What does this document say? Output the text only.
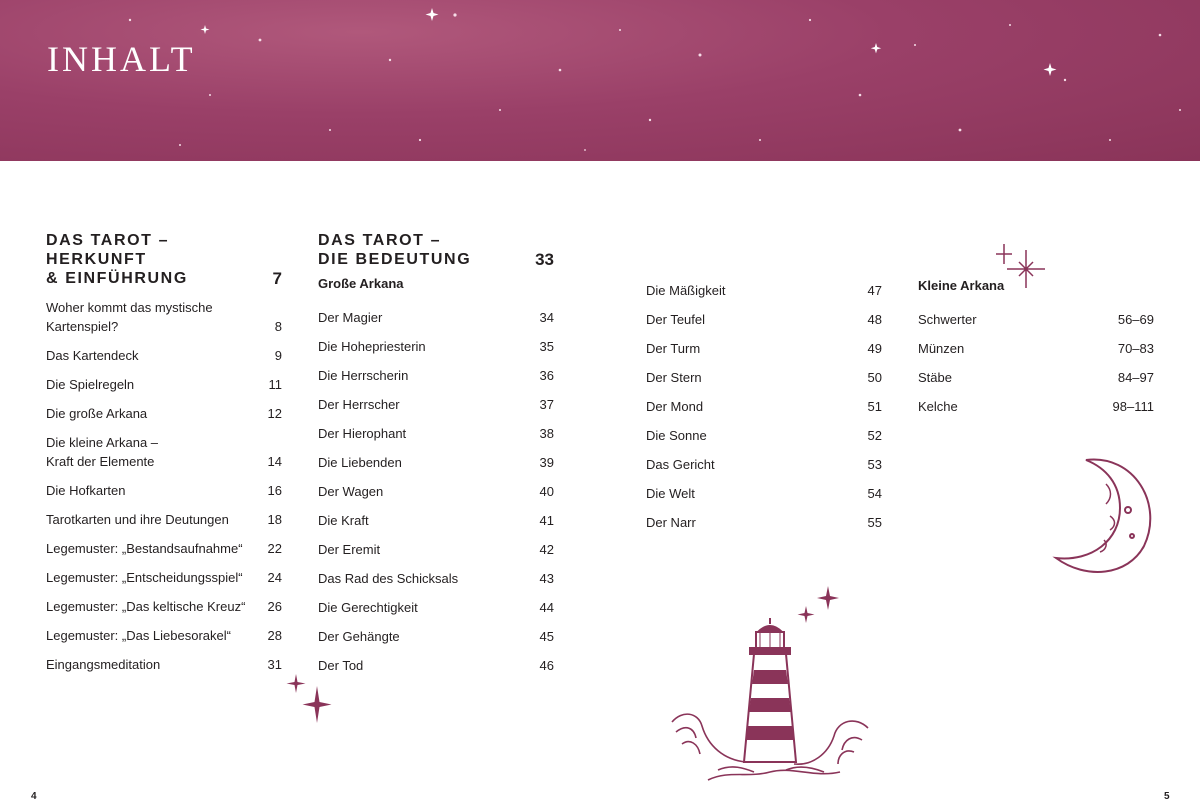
INHALT
DAS TAROT – HERKUNFT
& EINFÜHRUNG	7
Woher kommt das mystische Kartenspiel?	8
Das Kartendeck	9
Die Spielregeln	11
Die große Arkana	12
Die kleine Arkana – Kraft der Elemente	14
Die Hofkarten	16
Tarotkarten und ihre Deutungen	18
Legemuster: „Bestandsaufnahme“ 22
Legemuster: „Entscheidungsspiel“ 24
Legemuster: „Das keltische Kreuz“ 26
Legemuster: „Das Liebesorakel“	28
Eingangsmeditation	31
DAS TAROT –
DIE BEDEUTUNG	33
Große Arkana
Der Magier	34
Die Hohepriesterin	35
Die Herrscherin	36
Der Herrscher	37
Der Hierophant	38
Die Liebenden	39
Der Wagen	40
Die Kraft	41
Der Eremit	42
Das Rad des Schicksals	43
Die Gerechtigkeit	44
Der Gehängte	45
Der Tod	46
Die Mäßigkeit	47
Der Teufel	48
Der Turm	49
Der Stern	50
Der Mond	51
Die Sonne	52
Das Gericht	53
Die Welt	54
Der Narr	55
Kleine Arkana
Schwerter	56–69
Münzen	70–83
Stäbe	84–97
Kelche	98–111
4	5
